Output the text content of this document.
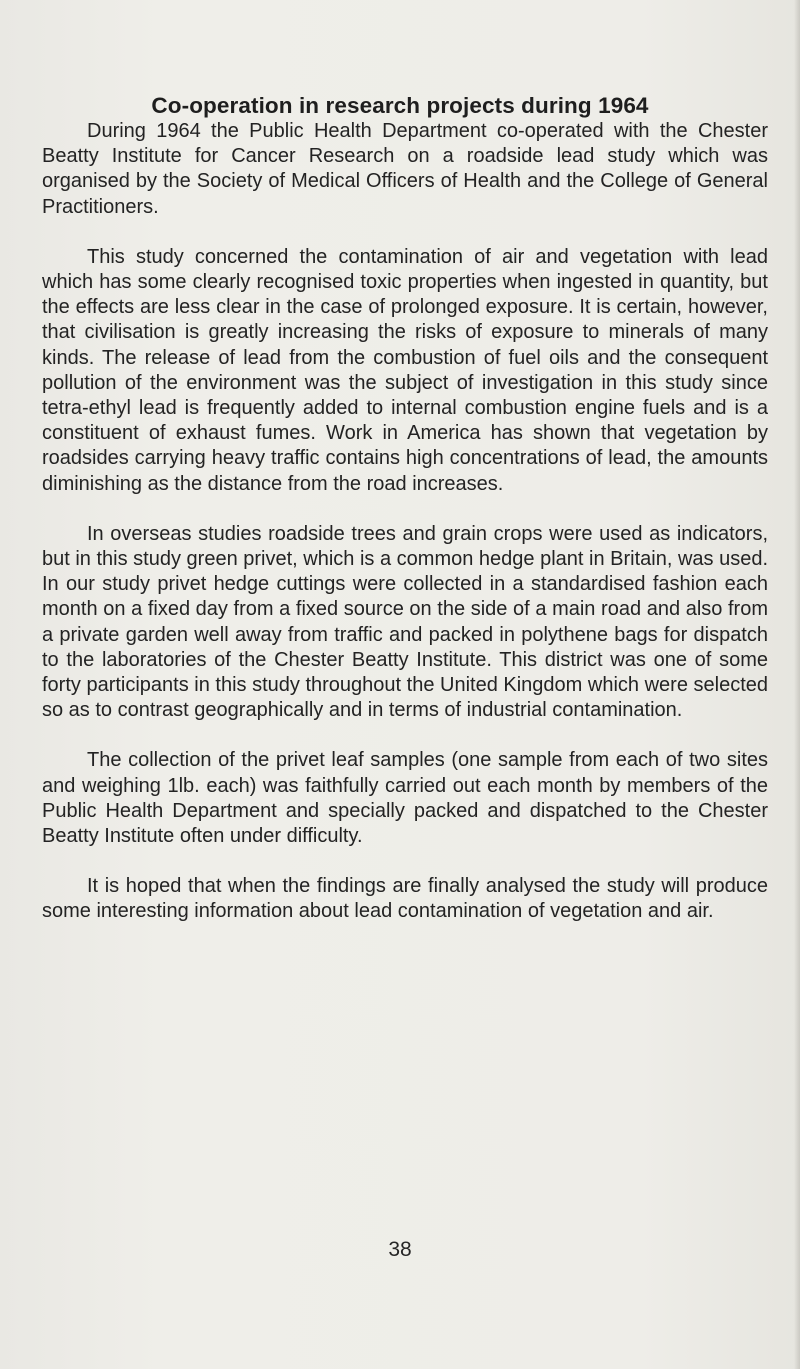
Co-operation in research projects during 1964

During 1964 the Public Health Department co-operated with the Chester Beatty Institute for Cancer Research on a roadside lead study which was organised by the Society of Medical Officers of Health and the College of General Practitioners.

This study concerned the contamination of air and vegetation with lead which has some clearly recognised toxic properties when ingested in quantity, but the effects are less clear in the case of prolonged exposure. It is certain, however, that civilisation is greatly increasing the risks of exposure to minerals of many kinds. The release of lead from the combustion of fuel oils and the consequent pollution of the environment was the subject of investigation in this study since tetra-ethyl lead is frequently added to internal combustion engine fuels and is a constituent of exhaust fumes. Work in America has shown that vegetation by roadsides carrying heavy traffic contains high concentrations of lead, the amounts diminishing as the distance from the road increases.

In overseas studies roadside trees and grain crops were used as indicators, but in this study green privet, which is a common hedge plant in Britain, was used. In our study privet hedge cuttings were collected in a standardised fashion each month on a fixed day from a fixed source on the side of a main road and also from a private garden well away from traffic and packed in polythene bags for dispatch to the laboratories of the Chester Beatty Institute. This district was one of some forty participants in this study throughout the United Kingdom which were selected so as to contrast geographically and in terms of industrial contamination.

The collection of the privet leaf samples (one sample from each of two sites and weighing 1lb. each) was faithfully carried out each month by members of the Public Health Department and specially packed and dispatched to the Chester Beatty Institute often under difficulty.

It is hoped that when the findings are finally analysed the study will produce some interesting information about lead contamination of vegetation and air.

38
